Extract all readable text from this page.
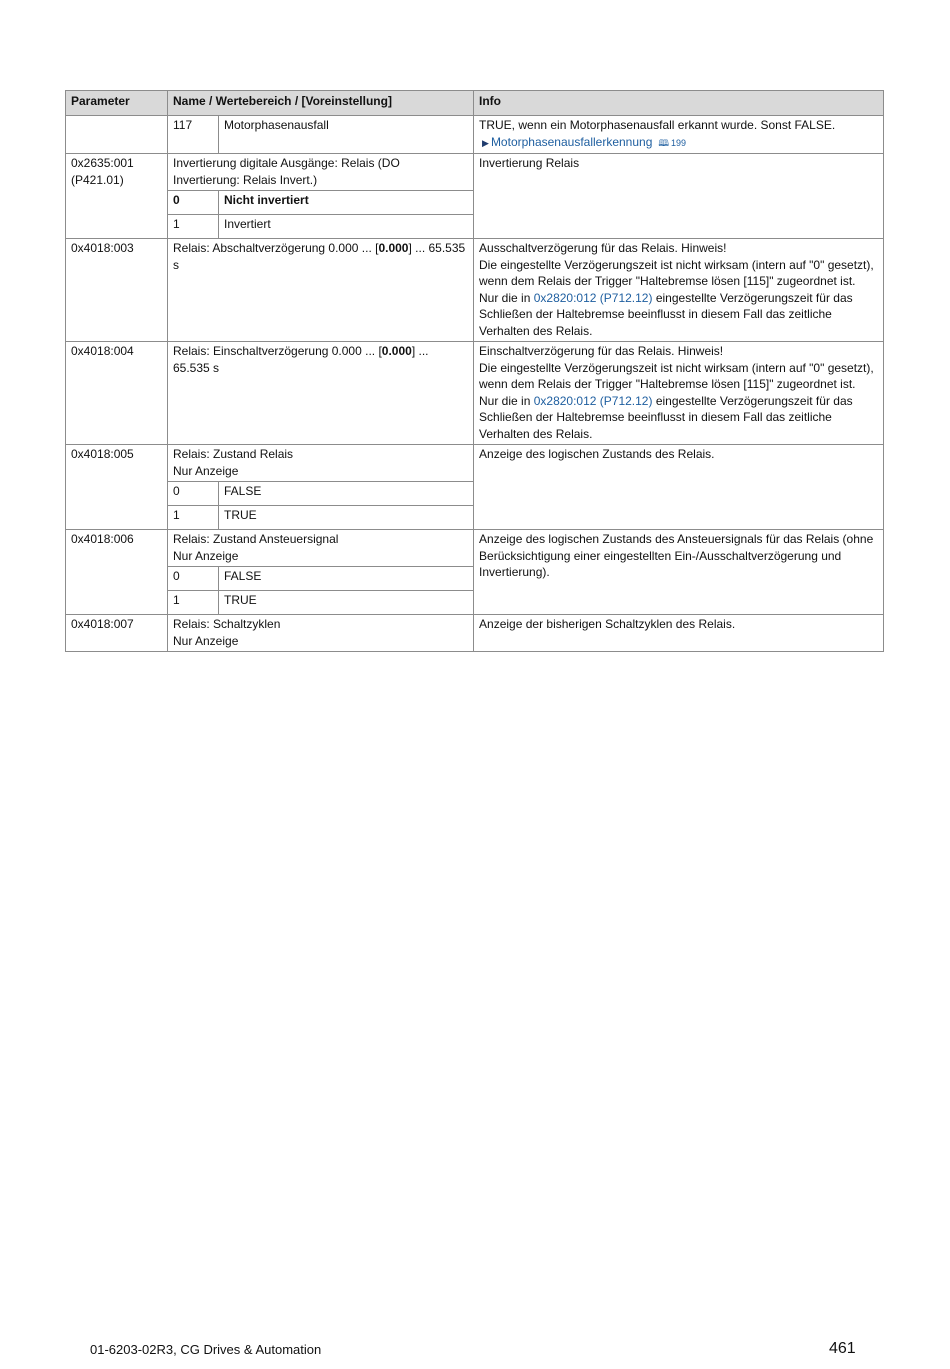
Parameter	Name / Wertebereich / [Voreinstellung]		Info
	117	Motorphasenausfall	TRUE, wenn ein Motorphasenausfall erkannt wurde. Sonst FALSE.
▶ Motorphasenausfallerkennung 🕮 199

0x2635:001
(P421.01)	Invertierung digitale Ausgänge: Relais (DO Invertierung: Relais Invert.)		Invertierung Relais
	0	Nicht invertiert	
	1	Invertiert	
0x4018:003	Relais: Abschaltverzögerung 0.000 ... [0.000] ... 65.535 s		Ausschaltverzögerung für das Relais. Hinweis!
Die eingestellte Verzögerungszeit ist nicht wirksam (intern auf "0" gesetzt), wenn dem Relais der Trigger "Haltebremse lösen [115]" zugeordnet ist. Nur die in 0x2820:012 (P712.12) eingestellte Verzögerungszeit für das Schließen der Haltebremse beeinflusst in diesem Fall das zeitliche Verhalten des Relais.

0x4018:004	Relais: Einschaltverzögerung 0.000 ... [0.000] ... 65.535 s		Einschaltverzögerung für das Relais. Hinweis!
Die eingestellte Verzögerungszeit ist nicht wirksam (intern auf "0" gesetzt), wenn dem Relais der Trigger "Haltebremse lösen [115]" zugeordnet ist. Nur die in 0x2820:012 (P712.12) eingestellte Verzögerungszeit für das Schließen der Haltebremse beeinflusst in diesem Fall das zeitliche Verhalten des Relais.

0x4018:005	Relais: Zustand Relais
Nur Anzeige		Anzeige des logischen Zustands des Relais.
	0	FALSE	
	1	TRUE	
0x4018:006	Relais: Zustand Ansteuersignal
Nur Anzeige		Anzeige des logischen Zustands des Ansteuersignals für das Relais (ohne Berücksichtigung einer eingestellten Ein-/Ausschaltverzögerung und Invertierung).
	0	FALSE	
	1	TRUE	
0x4018:007	Relais: Schaltzyklen
Nur Anzeige		Anzeige der bisherigen Schaltzyklen des Relais.
01-6203-02R3, CG Drives & Automation	461
